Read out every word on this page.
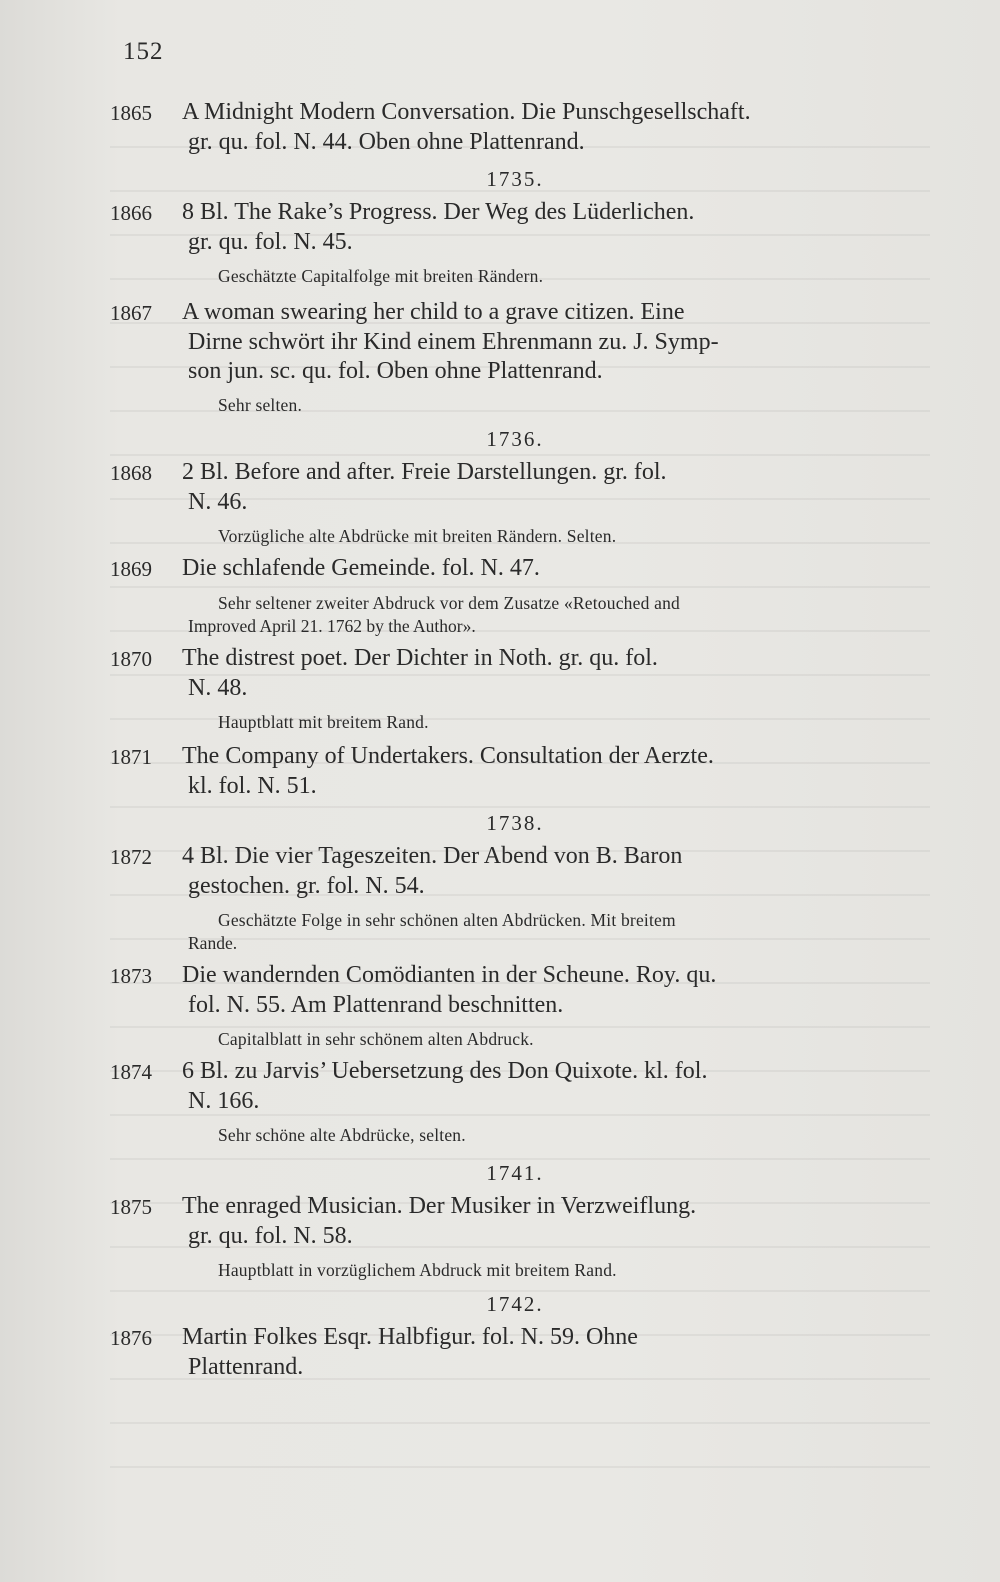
152
1865	A Midnight Modern Conversation. Die Punschgesellschaft.
gr. qu. fol. N. 44. Oben ohne Plattenrand.
1735.
1866	8 Bl. The Rake’s Progress. Der Weg des Lüderlichen.
gr. qu. fol. N. 45.
Geschätzte Capitalfolge mit breiten Rändern.
1867	A woman swearing her child to a grave citizen. Eine
Dirne schwört ihr Kind einem Ehrenmann zu. J. Symp-
son jun. sc. qu. fol. Oben ohne Plattenrand.
Sehr selten.
1736.
1868	2 Bl. Before and after. Freie Darstellungen. gr. fol.
N. 46.
Vorzügliche alte Abdrücke mit breiten Rändern. Selten.
1869	Die schlafende Gemeinde. fol. N. 47.
Sehr seltener zweiter Abdruck vor dem Zusatze «Retouched and
Improved April 21. 1762 by the Author».
1870	The distrest poet. Der Dichter in Noth. gr. qu. fol.
N. 48.
Hauptblatt mit breitem Rand.
1871	The Company of Undertakers. Consultation der Aerzte.
kl. fol. N. 51.
1738.
1872	4 Bl. Die vier Tageszeiten. Der Abend von B. Baron
gestochen. gr. fol. N. 54.
Geschätzte Folge in sehr schönen alten Abdrücken. Mit breitem
Rande.
1873	Die wandernden Comödianten in der Scheune. Roy. qu.
fol. N. 55. Am Plattenrand beschnitten.
Capitalblatt in sehr schönem alten Abdruck.
1874	6 Bl. zu Jarvis’ Uebersetzung des Don Quixote. kl. fol.
N. 166.
Sehr schöne alte Abdrücke, selten.
1741.
1875	The enraged Musician. Der Musiker in Verzweiflung.
gr. qu. fol. N. 58.
Hauptblatt in vorzüglichem Abdruck mit breitem Rand.
1742.
1876	Martin Folkes Esqr. Halbfigur. fol. N. 59. Ohne
Plattenrand.
